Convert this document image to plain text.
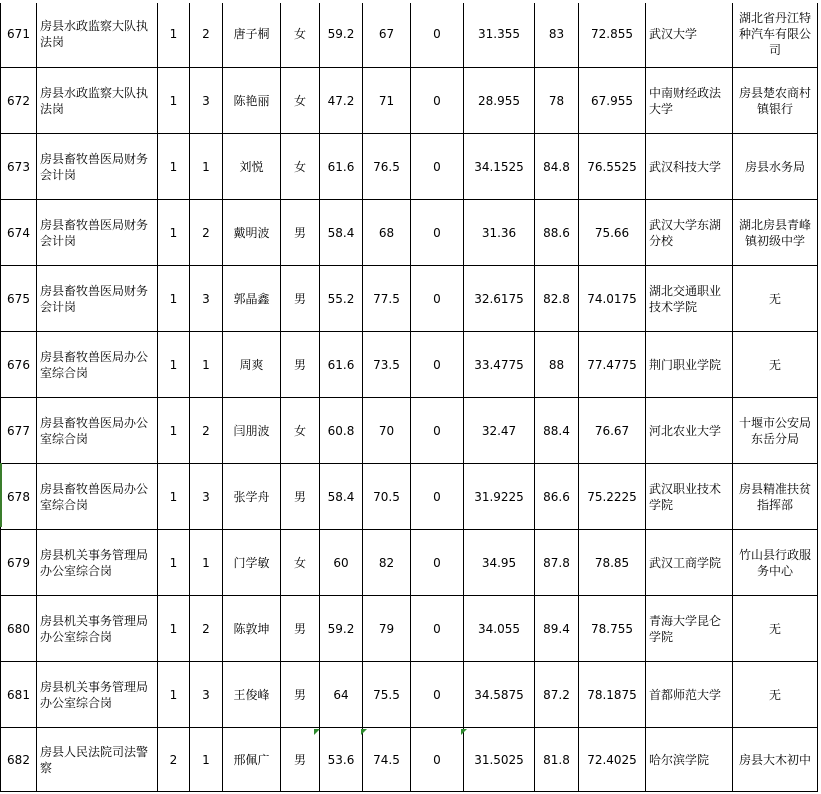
671	房县水政监察大队执法岗	1	2	唐子桐	女	59.2	67	0	31.355	83	72.855	武汉大学	湖北省丹江特种汽车有限公司
672	房县水政监察大队执法岗	1	3	陈艳丽	女	47.2	71	0	28.955	78	67.955	中南财经政法大学	房县楚农商村镇银行
673	房县畜牧兽医局财务会计岗	1	1	刘悦	女	61.6	76.5	0	34.1525	84.8	76.5525	武汉科技大学	房县水务局
674	房县畜牧兽医局财务会计岗	1	2	戴明波	男	58.4	68	0	31.36	88.6	75.66	武汉大学东湖分校	湖北房县青峰镇初级中学
675	房县畜牧兽医局财务会计岗	1	3	郭晶鑫	男	55.2	77.5	0	32.6175	82.8	74.0175	湖北交通职业技术学院	无
676	房县畜牧兽医局办公室综合岗	1	1	周爽	男	61.6	73.5	0	33.4775	88	77.4775	荆门职业学院	无
677	房县畜牧兽医局办公室综合岗	1	2	闫朋波	女	60.8	70	0	32.47	88.4	76.67	河北农业大学	十堰市公安局东岳分局
678	房县畜牧兽医局办公室综合岗	1	3	张学舟	男	58.4	70.5	0	31.9225	86.6	75.2225	武汉职业技术学院	房县精准扶贫指挥部
679	房县机关事务管理局办公室综合岗	1	1	门学敏	女	60	82	0	34.95	87.8	78.85	武汉工商学院	竹山县行政服务中心
680	房县机关事务管理局办公室综合岗	1	2	陈敦坤	男	59.2	79	0	34.055	89.4	78.755	青海大学昆仑学院	无
681	房县机关事务管理局办公室综合岗	1	3	王俊峰	男	64	75.5	0	34.5875	87.2	78.1875	首都师范大学	无
682	房县人民法院司法警察	2	1	邢佩广	男	53.6	74.5	0	31.5025	81.8	72.4025	哈尔滨学院	房县大木初中
